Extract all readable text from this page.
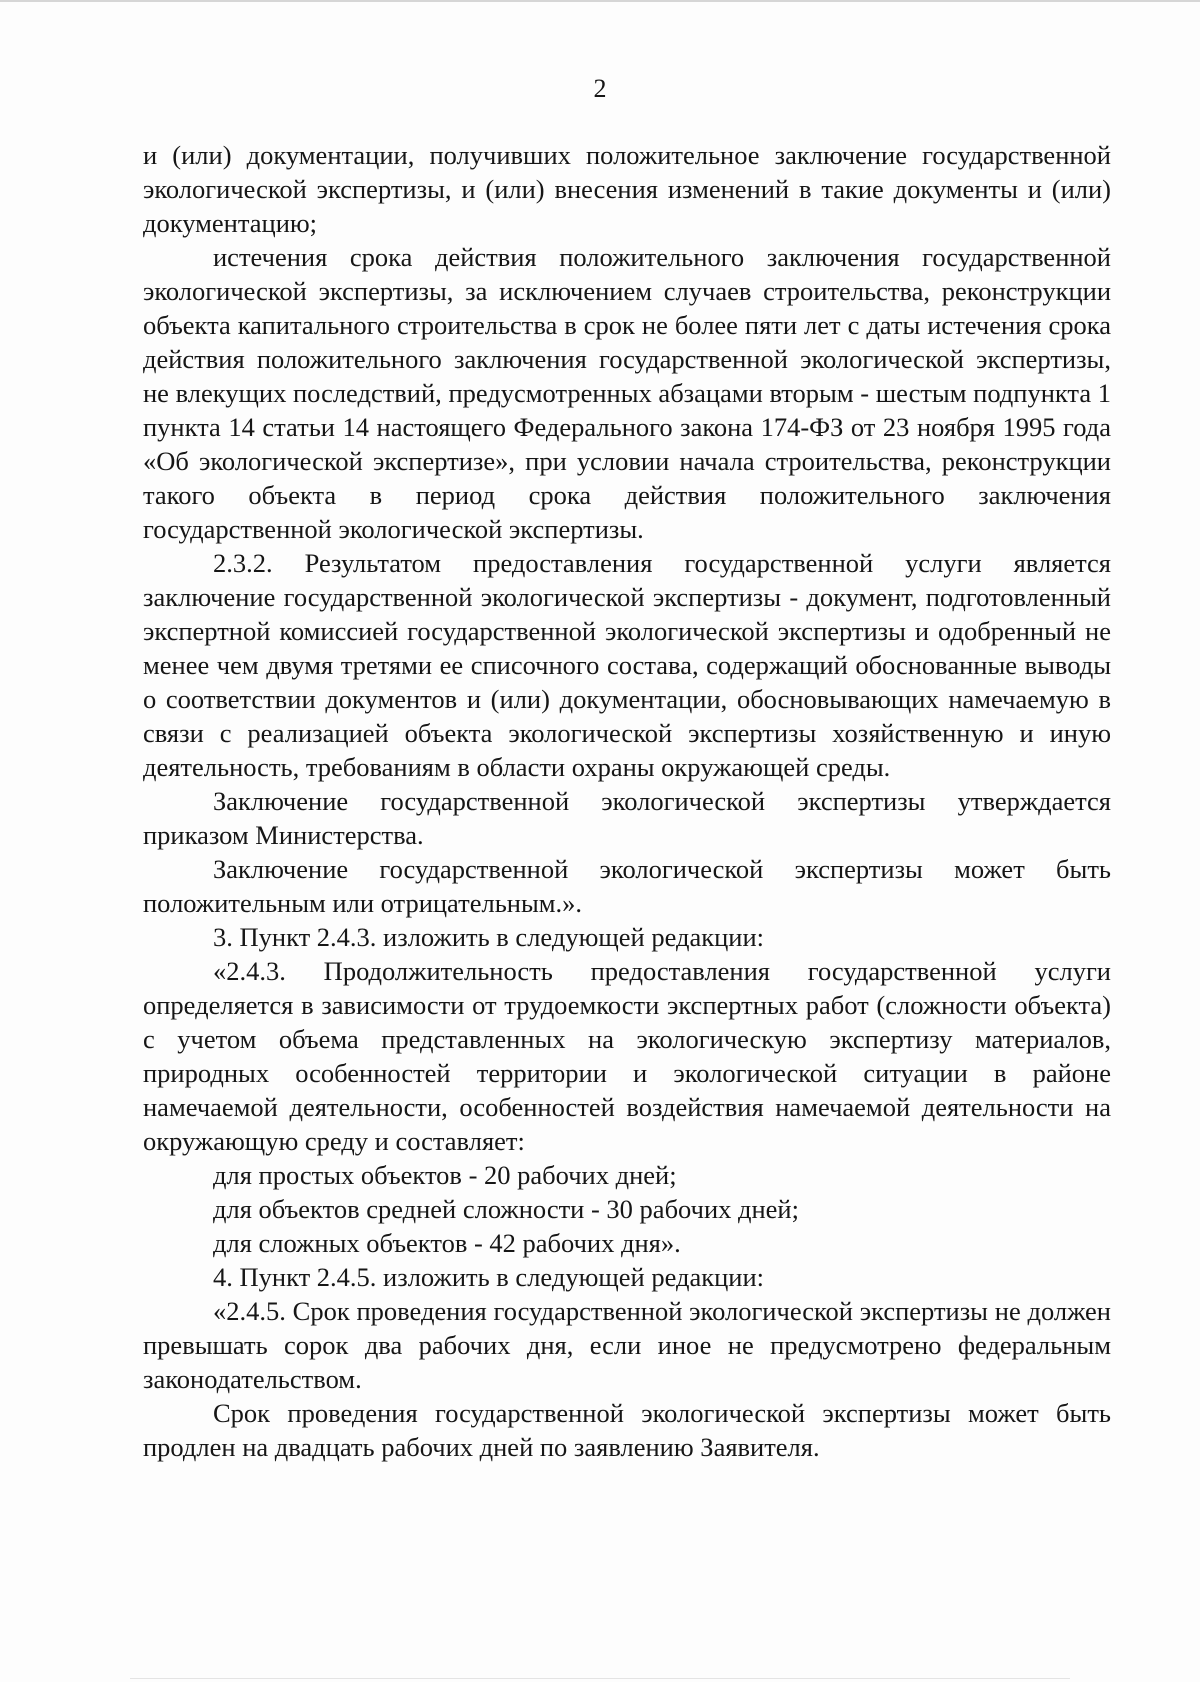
2

и (или) документации, получивших положительное заключение государственной экологической экспертизы, и (или) внесения изменений в такие документы и (или) документацию;

истечения срока действия положительного заключения государственной экологической экспертизы, за исключением случаев строительства, реконструкции объекта капитального строительства в срок не более пяти лет с даты истечения срока действия положительного заключения государственной экологической экспертизы, не влекущих последствий, предусмотренных абзацами вторым - шестым подпункта 1 пункта 14 статьи 14 настоящего Федерального закона 174-ФЗ от 23 ноября 1995 года «Об экологической экспертизе», при условии начала строительства, реконструкции такого объекта в период срока действия положительного заключения государственной экологической экспертизы.

2.3.2. Результатом предоставления государственной услуги является заключение государственной экологической экспертизы - документ, подготовленный экспертной комиссией государственной экологической экспертизы и одобренный не менее чем двумя третями ее списочного состава, содержащий обоснованные выводы о соответствии документов и (или) документации, обосновывающих намечаемую в связи с реализацией объекта экологической экспертизы хозяйственную и иную деятельность, требованиям в области охраны окружающей среды.

Заключение государственной экологической экспертизы утверждается приказом Министерства.

Заключение государственной экологической экспертизы может быть положительным или отрицательным.».

3. Пункт 2.4.3. изложить в следующей редакции:

«2.4.3. Продолжительность предоставления государственной услуги определяется в зависимости от трудоемкости экспертных работ (сложности объекта) с учетом объема представленных на экологическую экспертизу материалов, природных особенностей территории и экологической ситуации в районе намечаемой деятельности, особенностей воздействия намечаемой деятельности на окружающую среду и составляет:

для простых объектов - 20 рабочих дней;

для объектов средней сложности - 30 рабочих дней;

для сложных объектов - 42 рабочих дня».

4. Пункт 2.4.5. изложить в следующей редакции:

«2.4.5. Срок проведения государственной экологической экспертизы не должен превышать сорок два рабочих дня, если иное не предусмотрено федеральным законодательством.

Срок проведения государственной экологической экспертизы может быть продлен на двадцать рабочих дней по заявлению Заявителя.
